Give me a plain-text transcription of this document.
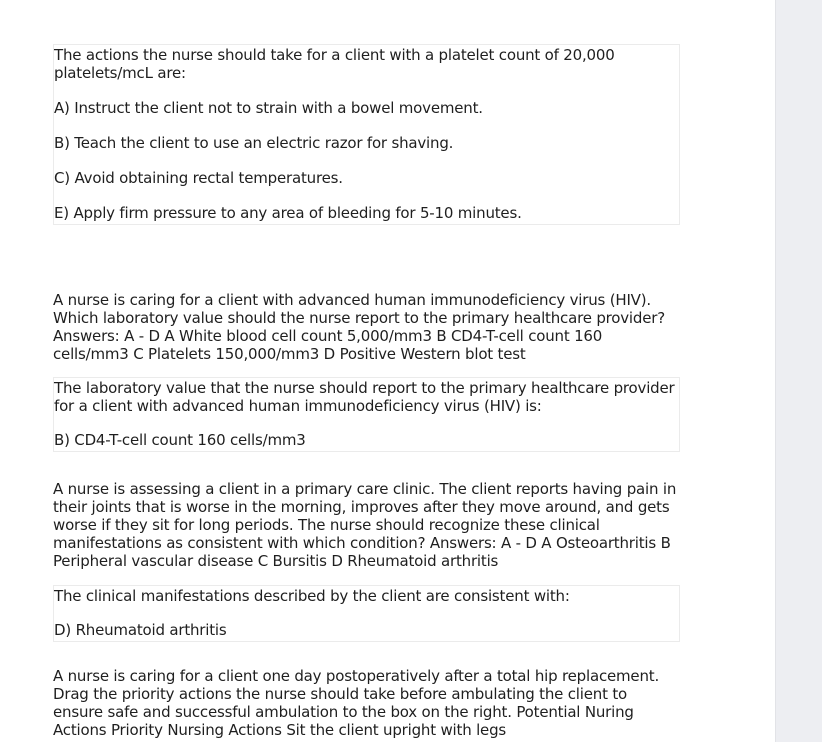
The actions the nurse should take for a client with a platelet count of 20,000 platelets/mcL are:

A) Instruct the client not to strain with a bowel movement.

B) Teach the client to use an electric razor for shaving.

C) Avoid obtaining rectal temperatures.

E) Apply firm pressure to any area of bleeding for 5-10 minutes.

A nurse is caring for a client with advanced human immunodeficiency virus (HIV). Which laboratory value should the nurse report to the primary healthcare provider? Answers: A - D A White blood cell count 5,000/mm3 B CD4-T-cell count 160 cells/mm3 C Platelets 150,000/mm3 D Positive Western blot test

The laboratory value that the nurse should report to the primary healthcare provider for a client with advanced human immunodeficiency virus (HIV) is:

B) CD4-T-cell count 160 cells/mm3

A nurse is assessing a client in a primary care clinic. The client reports having pain in their joints that is worse in the morning, improves after they move around, and gets worse if they sit for long periods. The nurse should recognize these clinical manifestations as consistent with which condition? Answers: A - D A Osteoarthritis B Peripheral vascular disease C Bursitis D Rheumatoid arthritis

The clinical manifestations described by the client are consistent with:

D) Rheumatoid arthritis

A nurse is caring for a client one day postoperatively after a total hip replacement. Drag the priority actions the nurse should take before ambulating the client to ensure safe and successful ambulation to the box on the right. Potential Nuring Actions Priority Nursing Actions Sit the client upright with legs
